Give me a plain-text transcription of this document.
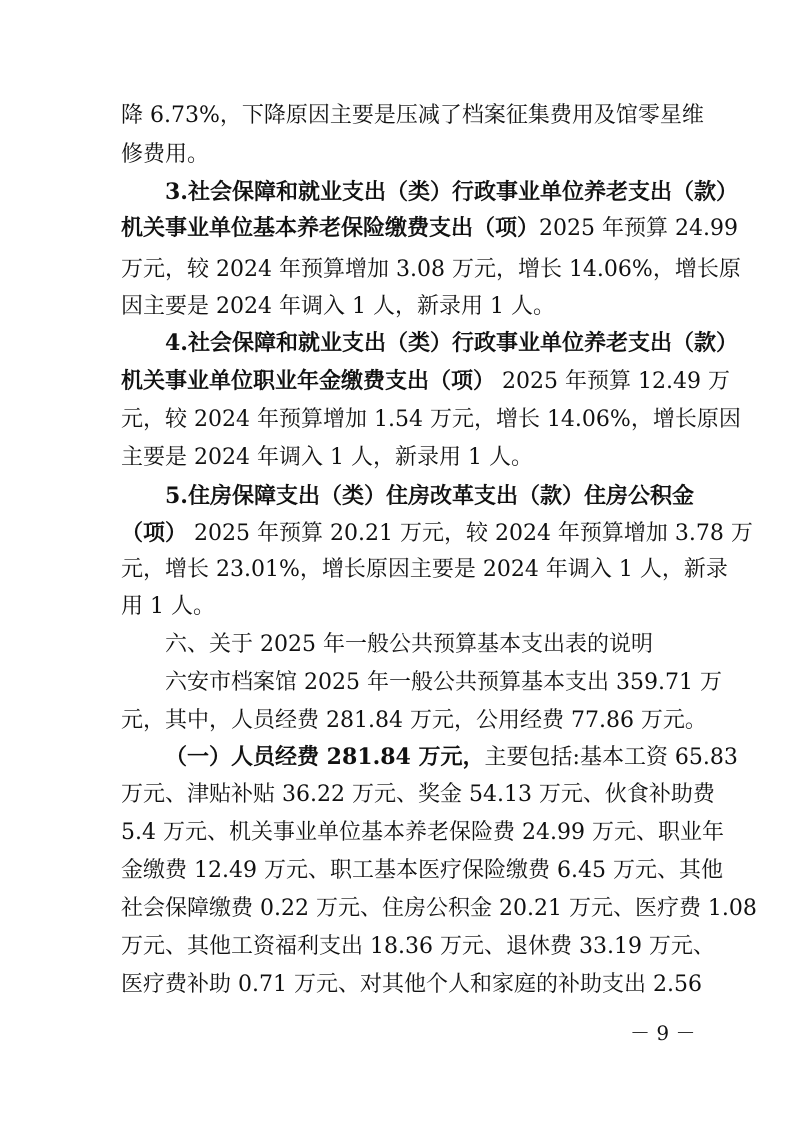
降 6.73%，下降原因主要是压减了档案征集费用及馆零星维
修费用。
3.社会保障和就业支出（类）行政事业单位养老支出（款）
机关事业单位基本养老保险缴费支出（项）2025 年预算 24.99
万元，较 2024 年预算增加 3.08 万元，增长 14.06%，增长原
因主要是 2024 年调入 1 人，新录用 1 人。
4.社会保障和就业支出（类）行政事业单位养老支出（款）
机关事业单位职业年金缴费支出（项） 2025 年预算 12.49 万
元，较 2024 年预算增加 1.54 万元，增长 14.06%，增长原因
主要是 2024 年调入 1 人，新录用 1 人。
5.住房保障支出（类）住房改革支出（款）住房公积金
（项） 2025 年预算 20.21 万元，较 2024 年预算增加 3.78 万
元，增长 23.01%，增长原因主要是 2024 年调入 1 人，新录
用 1 人。
六、关于 2025 年一般公共预算基本支出表的说明
六安市档案馆 2025 年一般公共预算基本支出 359.71 万
元，其中，人员经费 281.84 万元，公用经费 77.86 万元。
（一）人员经费 281.84 万元，主要包括:基本工资 65.83
万元、津贴补贴 36.22 万元、奖金 54.13 万元、伙食补助费
5.4 万元、机关事业单位基本养老保险费 24.99 万元、职业年
金缴费 12.49 万元、职工基本医疗保险缴费 6.45 万元、其他
社会保障缴费 0.22 万元、住房公积金 20.21 万元、医疗费 1.08
万元、其他工资福利支出 18.36 万元、退休费 33.19 万元、
医疗费补助 0.71 万元、对其他个人和家庭的补助支出 2.56
－ 9 －
